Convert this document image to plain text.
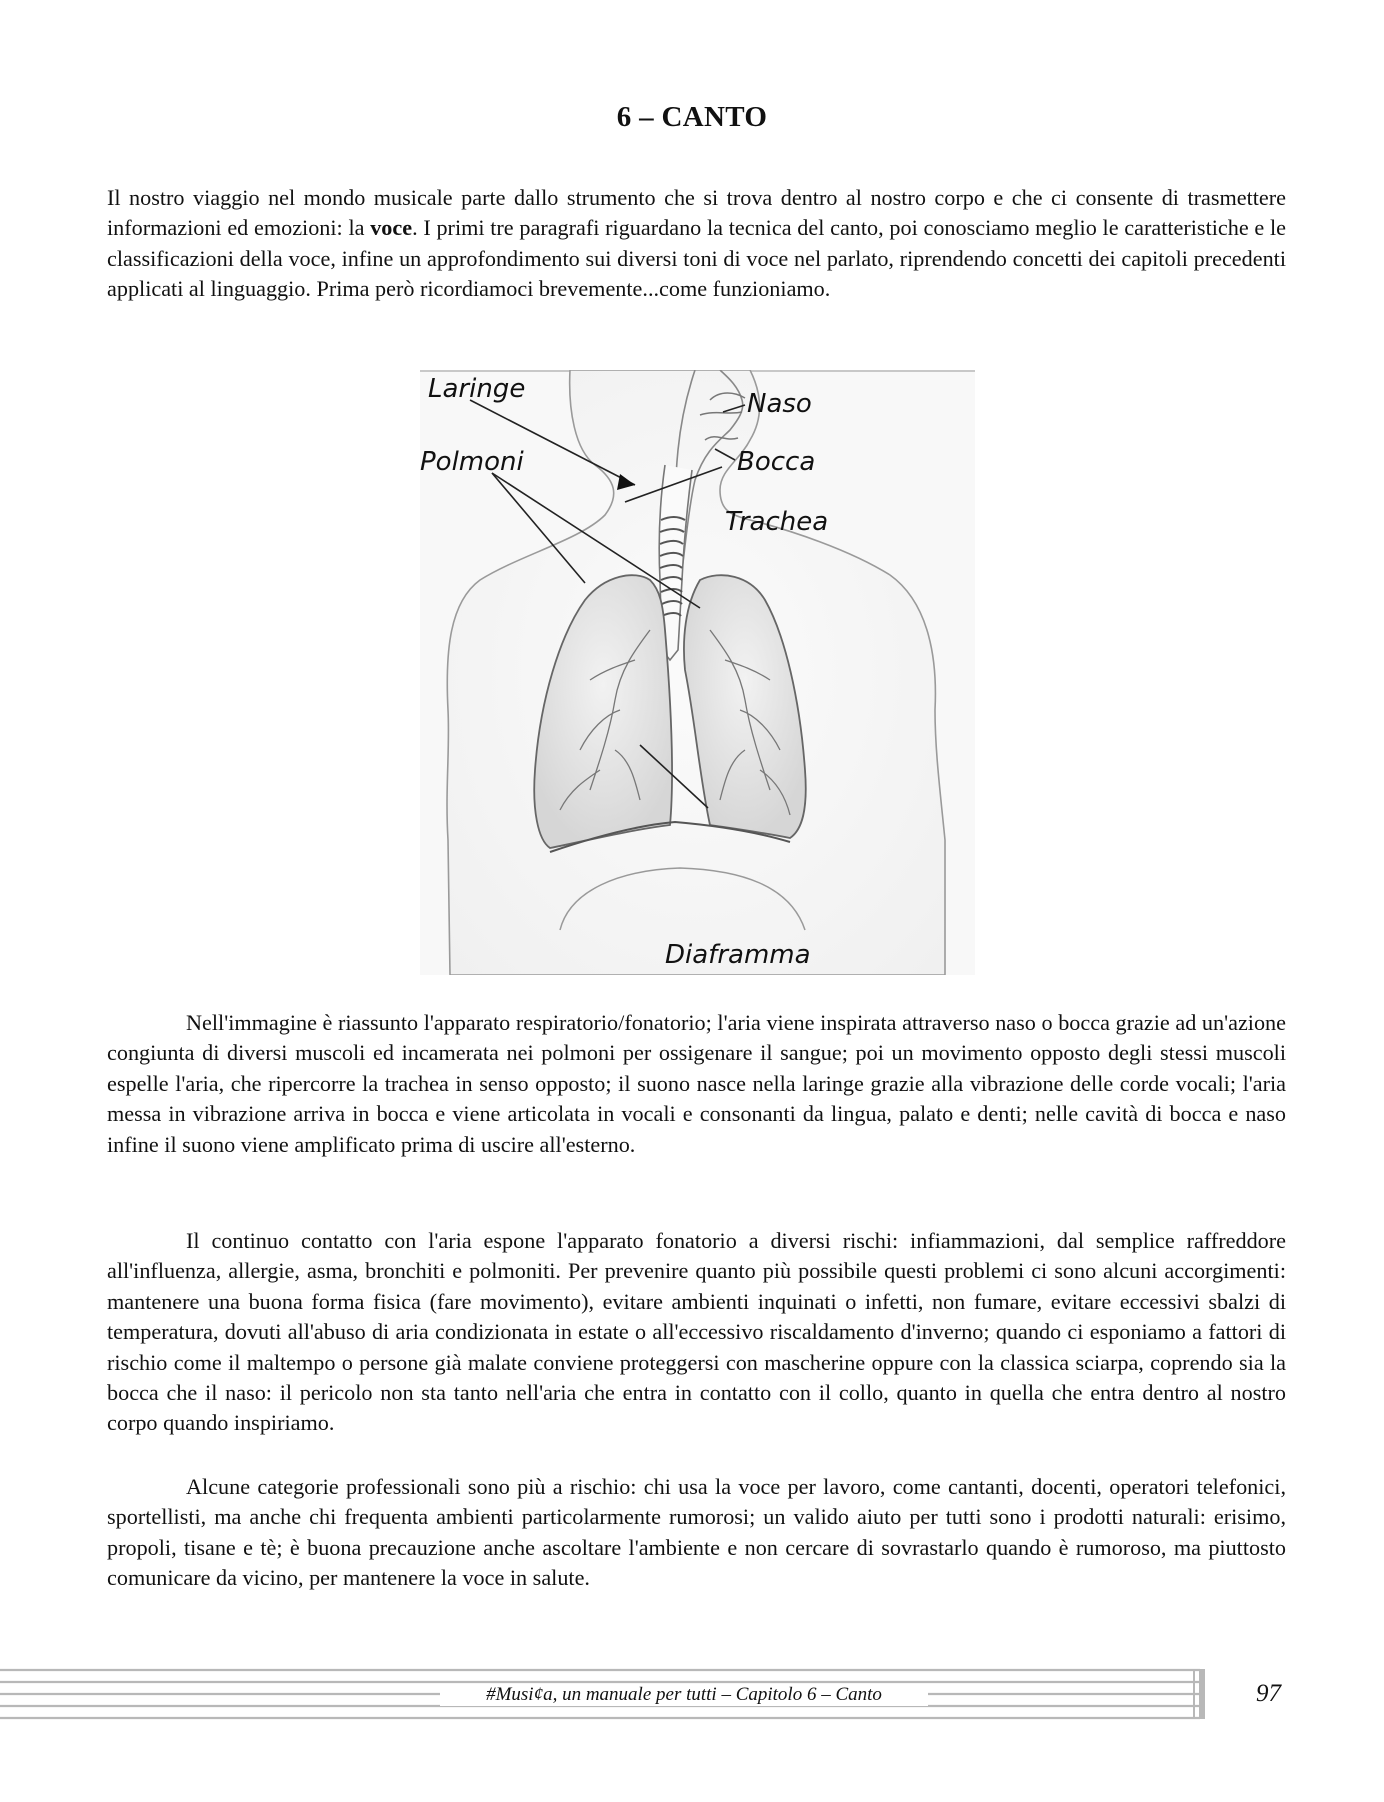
6 – CANTO

Il nostro viaggio nel mondo musicale parte dallo strumento che si trova dentro al nostro corpo e che ci consente di trasmettere informazioni ed emozioni: la voce. I primi tre paragrafi riguardano la tecnica del canto, poi conosciamo meglio le caratteristiche e le classificazioni della voce, infine un approfondimento sui diversi toni di voce nel parlato, riprendendo concetti dei capitoli precedenti applicati al linguaggio. Prima però ricordiamoci brevemente...come funzioniamo.

Naso
Laringe
Bocca
Polmoni
Trachea
Diaframma

Nell'immagine è riassunto l'apparato respiratorio/fonatorio; l'aria viene inspirata attraverso naso o bocca grazie ad un'azione congiunta di diversi muscoli ed incamerata nei polmoni per ossigenare il sangue; poi un movimento opposto degli stessi muscoli espelle l'aria, che ripercorre la trachea in senso opposto; il suono nasce nella laringe grazie alla vibrazione delle corde vocali; l'aria messa in vibrazione arriva in bocca e viene articolata in vocali e consonanti da lingua, palato e denti; nelle cavità di bocca e naso infine il suono viene amplificato prima di uscire all'esterno.

Il continuo contatto con l'aria espone l'apparato fonatorio a diversi rischi: infiammazioni, dal semplice raffreddore all'influenza, allergie, asma, bronchiti e polmoniti. Per prevenire quanto più possibile questi problemi ci sono alcuni accorgimenti: mantenere una buona forma fisica (fare movimento), evitare ambienti inquinati o infetti, non fumare, evitare eccessivi sbalzi di temperatura, dovuti all'abuso di aria condizionata in estate o all'eccessivo riscaldamento d'inverno; quando ci esponiamo a fattori di rischio come il maltempo o persone già malate conviene proteggersi con mascherine oppure con la classica sciarpa, coprendo sia la bocca che il naso: il pericolo non sta tanto nell'aria che entra in contatto con il collo, quanto in quella che entra dentro al nostro corpo quando inspiriamo.

Alcune categorie professionali sono più a rischio: chi usa la voce per lavoro, come cantanti, docenti, operatori telefonici, sportellisti, ma anche chi frequenta ambienti particolarmente rumorosi; un valido aiuto per tutti sono i prodotti naturali: erisimo, propoli, tisane e tè; è buona precauzione anche ascoltare l'ambiente e non cercare di sovrastarlo quando è rumoroso, ma piuttosto comunicare da vicino, per mantenere la voce in salute.

#Musi¢a, un manuale per tutti – Capitolo 6 – Canto	97
